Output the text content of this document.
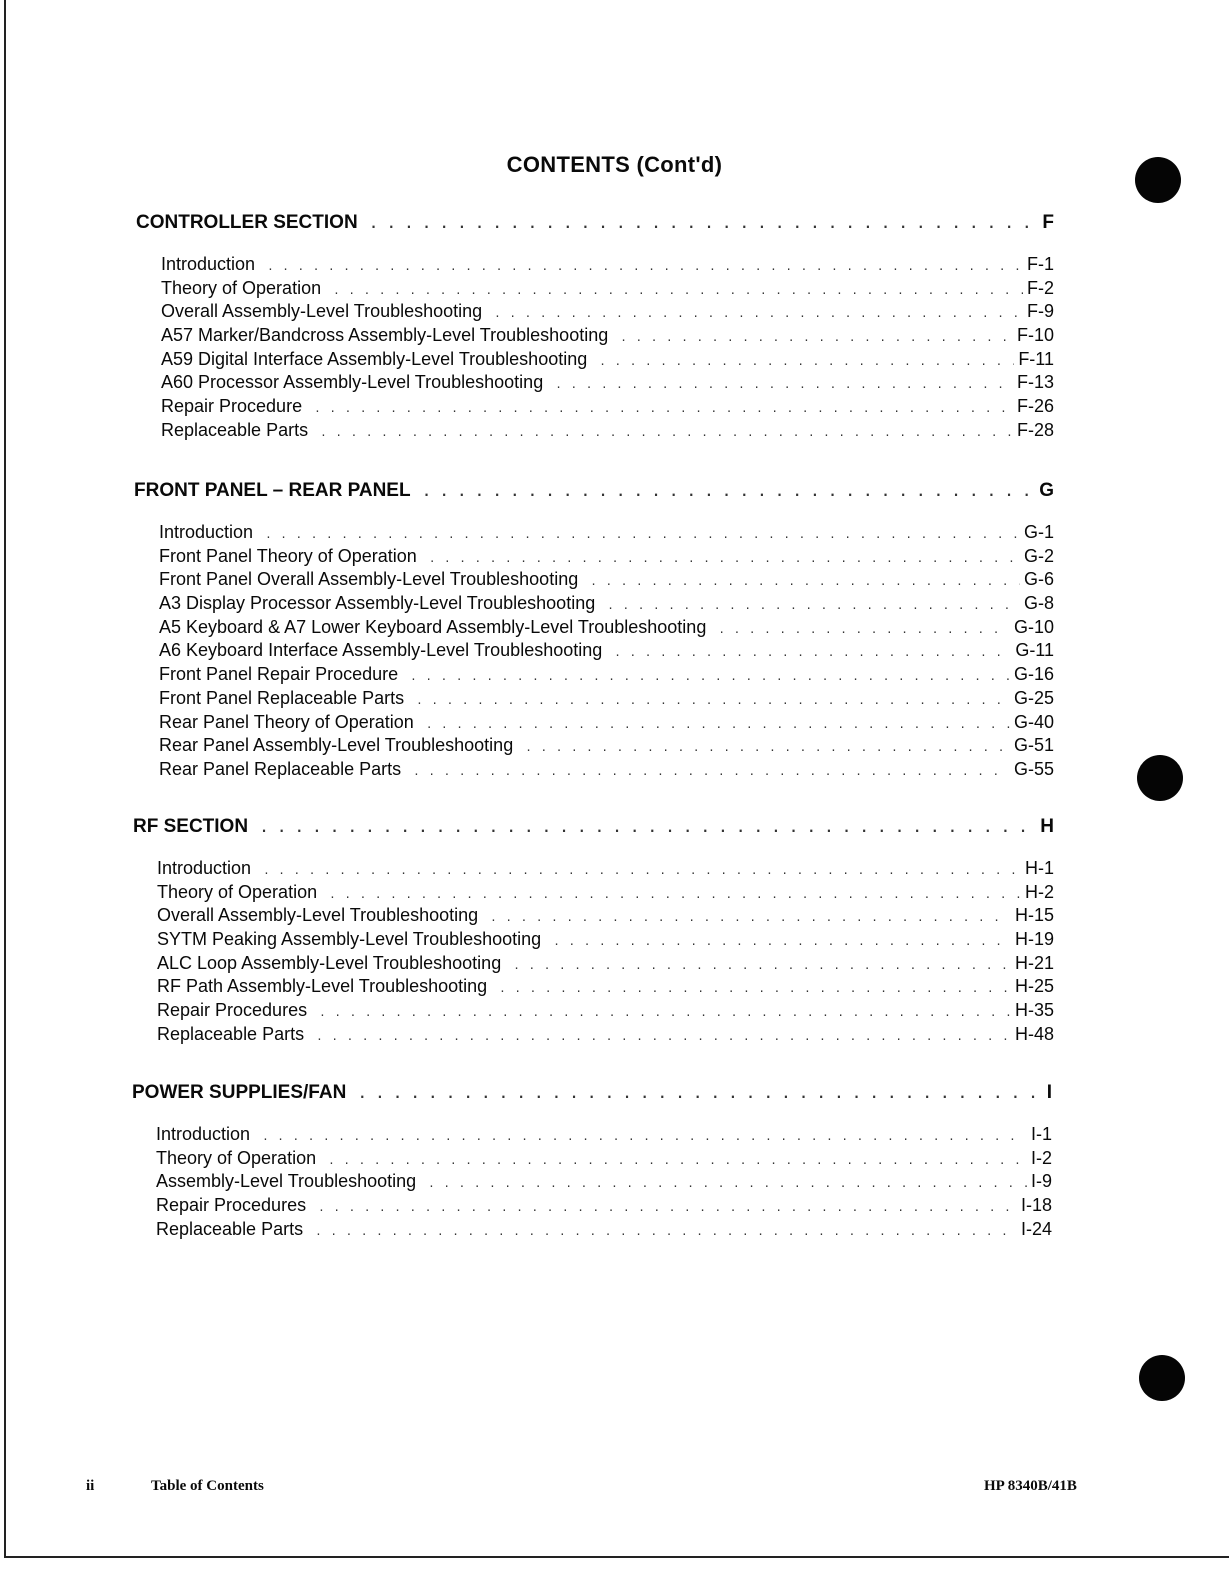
CONTENTS (Cont'd)
CONTROLLER SECTION . . .	F
Introduction . . .	F-1
Theory of Operation . . .	F-2
Overall Assembly-Level Troubleshooting . . .	F-9
A57 Marker/Bandcross Assembly-Level Troubleshooting . . .	F-10
A59 Digital Interface Assembly-Level Troubleshooting . . .	F-11
A60 Processor Assembly-Level Troubleshooting . . .	F-13
Repair Procedure . . .	F-26
Replaceable Parts . . .	F-28
FRONT PANEL – REAR PANEL . . .	G
Introduction . . .	G-1
Front Panel Theory of Operation . . .	G-2
Front Panel Overall Assembly-Level Troubleshooting . . .	G-6
A3 Display Processor Assembly-Level Troubleshooting . . .	G-8
A5 Keyboard & A7 Lower Keyboard Assembly-Level Troubleshooting . . .	G-10
A6 Keyboard Interface Assembly-Level Troubleshooting . . .	G-11
Front Panel Repair Procedure . . .	G-16
Front Panel Replaceable Parts . . .	G-25
Rear Panel Theory of Operation . . .	G-40
Rear Panel Assembly-Level Troubleshooting . . .	G-51
Rear Panel Replaceable Parts . . .	G-55
RF SECTION . . .	H
Introduction . . .	H-1
Theory of Operation . . .	H-2
Overall Assembly-Level Troubleshooting . . .	H-15
SYTM Peaking Assembly-Level Troubleshooting . . .	H-19
ALC Loop Assembly-Level Troubleshooting . . .	H-21
RF Path Assembly-Level Troubleshooting . . .	H-25
Repair Procedures . . .	H-35
Replaceable Parts . . .	H-48
POWER SUPPLIES/FAN . . .	I
Introduction . . .	I-1
Theory of Operation . . .	I-2
Assembly-Level Troubleshooting . . .	I-9
Repair Procedures . . .	I-18
Replaceable Parts . . .	I-24
ii	Table of Contents	HP 8340B/41B
